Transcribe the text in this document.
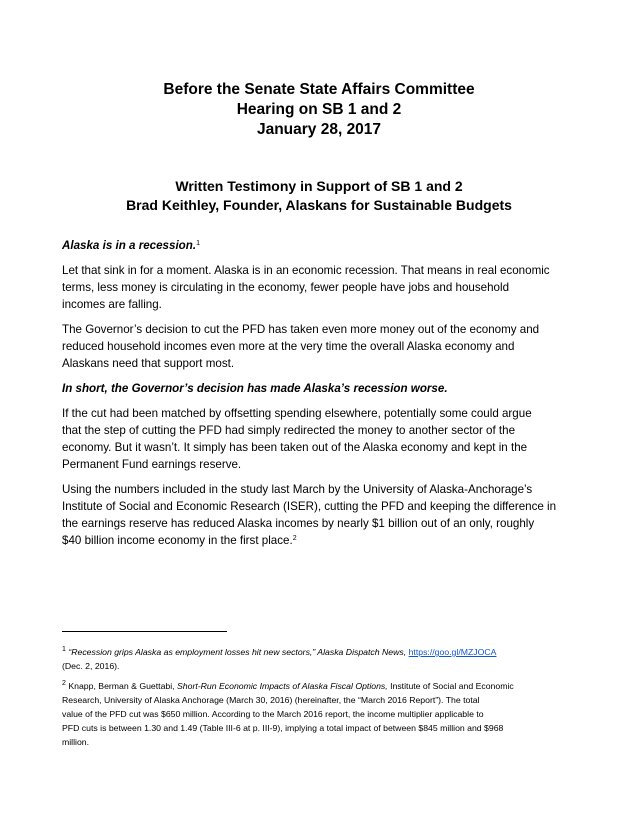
Before the Senate State Affairs Committee
Hearing on SB 1 and 2
January 28, 2017
Written Testimony in Support of SB 1 and 2
Brad Keithley, Founder, Alaskans for Sustainable Budgets

Alaska is in a recession.$^1$

Let that sink in for a moment. Alaska is in an economic recession. That means in real economic
terms, less money is circulating in the economy, fewer people have jobs and household
incomes are falling.

The Governor’s decision to cut the PFD has taken even more money out of the economy and
reduced household incomes even more at the very time the overall Alaska economy and
Alaskans need that support most.

In short, the Governor’s decision has made Alaska’s recession worse.

If the cut had been matched by offsetting spending elsewhere, potentially some could argue
that the step of cutting the PFD had simply redirected the money to another sector of the
economy. But it wasn’t. It simply has been taken out of the Alaska economy and kept in the
Permanent Fund earnings reserve.

Using the numbers included in the study last March by the University of Alaska-Anchorage’s
Institute of Social and Economic Research (ISER), cutting the PFD and keeping the difference in
the earnings reserve has reduced Alaska incomes by nearly $1 billion out of an only, roughly
$40 billion income economy in the first place.$^2$

$^1$ “Recession grips Alaska as employment losses hit new sectors,” Alaska Dispatch News, https://goo.gl/MZJOCA
(Dec. 2, 2016).

$^2$ Knapp, Berman & Guettabi, Short-Run Economic Impacts of Alaska Fiscal Options, Institute of Social and Economic
Research, University of Alaska Anchorage (March 30, 2016) (hereinafter, the “March 2016 Report”). The total
value of the PFD cut was $650 million. According to the March 2016 report, the income multiplier applicable to
PFD cuts is between 1.30 and 1.49 (Table III-6 at p. III-9), implying a total impact of between $845 million and $968
million.
